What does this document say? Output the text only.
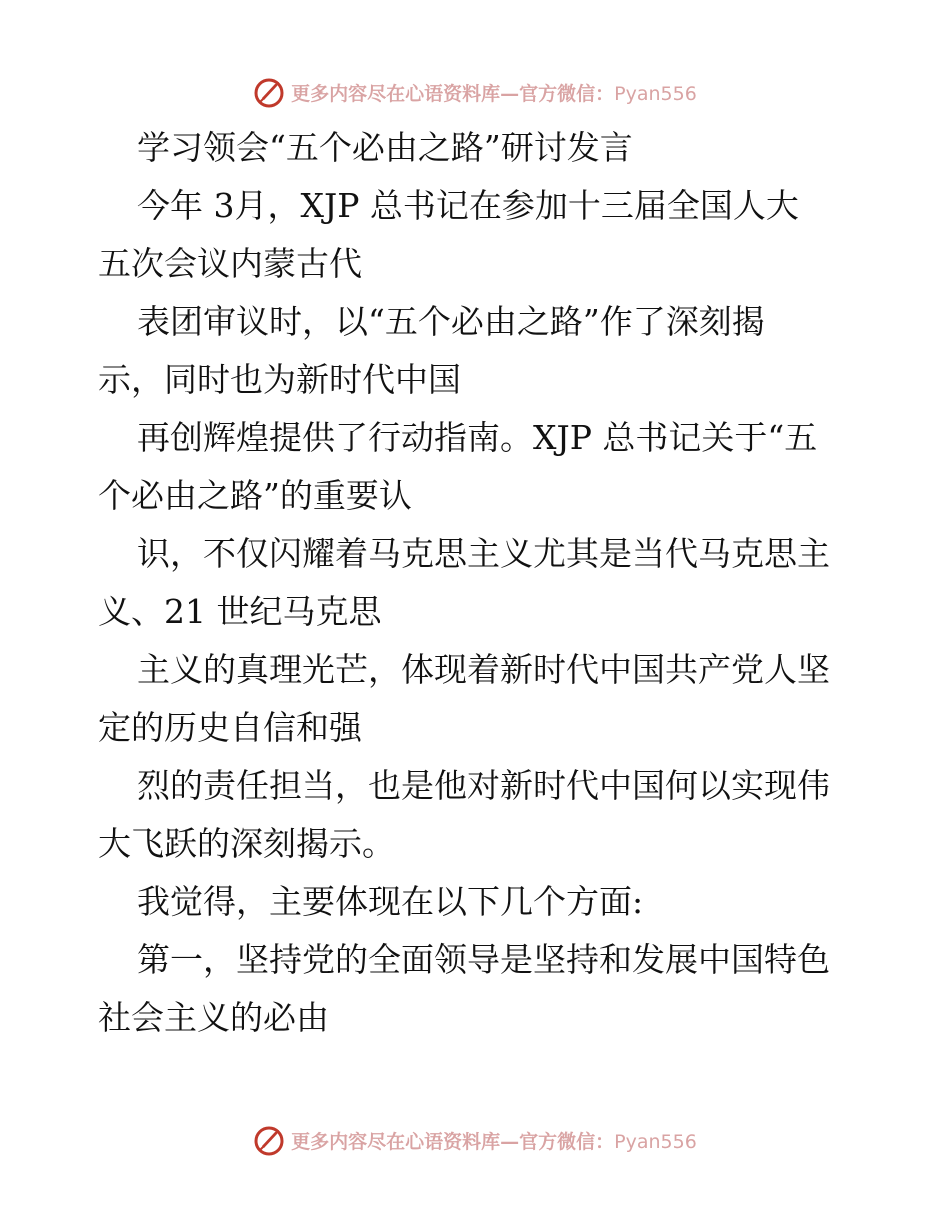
更多内容尽在心语资料库—官方微信：Pyan556
学习领会“五个必由之路”研讨发言
今年 3月，XJP 总书记在参加十三届全国人大
五次会议内蒙古代
表团审议时，以“五个必由之路”作了深刻揭
示，同时也为新时代中国
再创辉煌提供了行动指南。XJP 总书记关于“五
个必由之路”的重要认
识，不仅闪耀着马克思主义尤其是当代马克思主
义、21 世纪马克思
主义的真理光芒，体现着新时代中国共产党人坚
定的历史自信和强
烈的责任担当，也是他对新时代中国何以实现伟
大飞跃的深刻揭示。
我觉得，主要体现在以下几个方面:
第一，坚持党的全面领导是坚持和发展中国特色
社会主义的必由
更多内容尽在心语资料库—官方微信：Pyan556
